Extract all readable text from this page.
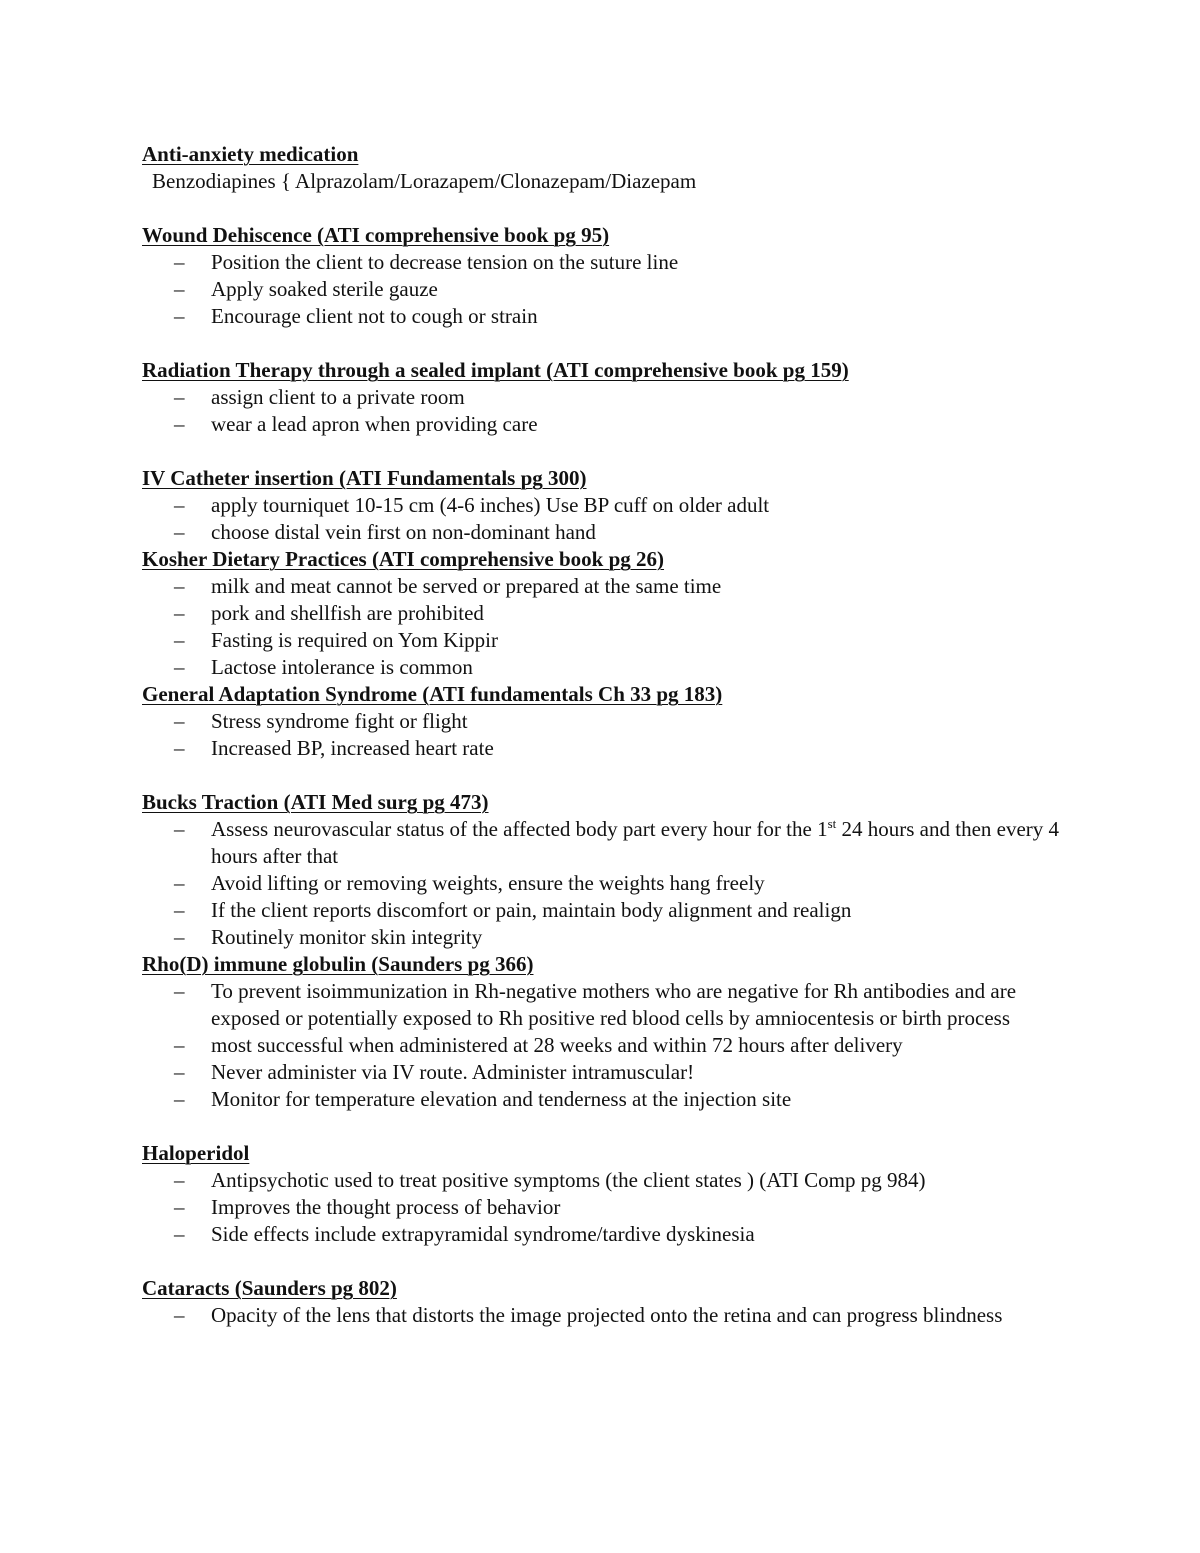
Anti-anxiety medication

Benzodiapines { Alprazolam/Lorazapem/Clonazepam/Diazepam

Wound Dehiscence (ATI comprehensive book pg 95)

– Position the client to decrease tension on the suture line
– Apply soaked sterile gauze
– Encourage client not to cough or strain

Radiation Therapy through a sealed implant (ATI comprehensive book pg 159)

– assign client to a private room
– wear a lead apron when providing care

IV Catheter insertion (ATI Fundamentals pg 300)

– apply tourniquet 10-15 cm (4-6 inches) Use BP cuff on older adult
– choose distal vein first on non-dominant hand

Kosher Dietary Practices (ATI comprehensive book pg 26)

– milk and meat cannot be served or prepared at the same time
– pork and shellfish are prohibited
– Fasting is required on Yom Kippir
– Lactose intolerance is common

General Adaptation Syndrome (ATI fundamentals Ch 33 pg 183)

– Stress syndrome fight or flight
– Increased BP, increased heart rate

Bucks Traction (ATI Med surg pg 473)

– Assess neurovascular status of the affected body part every hour for the 1st 24 hours and then every 4 hours after that
– Avoid lifting or removing weights, ensure the weights hang freely
– If the client reports discomfort or pain, maintain body alignment and realign
– Routinely monitor skin integrity

Rho(D) immune globulin (Saunders pg 366)

– To prevent isoimmunization in Rh-negative mothers who are negative for Rh antibodies and are exposed or potentially exposed to Rh positive red blood cells by amniocentesis or birth process
– most successful when administered at 28 weeks and within 72 hours after delivery
– Never administer via IV route. Administer intramuscular!
– Monitor for temperature elevation and tenderness at the injection site

Haloperidol

– Antipsychotic used to treat positive symptoms (the client states ) (ATI Comp pg 984)
– Improves the thought process of behavior
– Side effects include extrapyramidal syndrome/tardive dyskinesia

Cataracts (Saunders pg 802)

– Opacity of the lens that distorts the image projected onto the retina and can progress blindness
